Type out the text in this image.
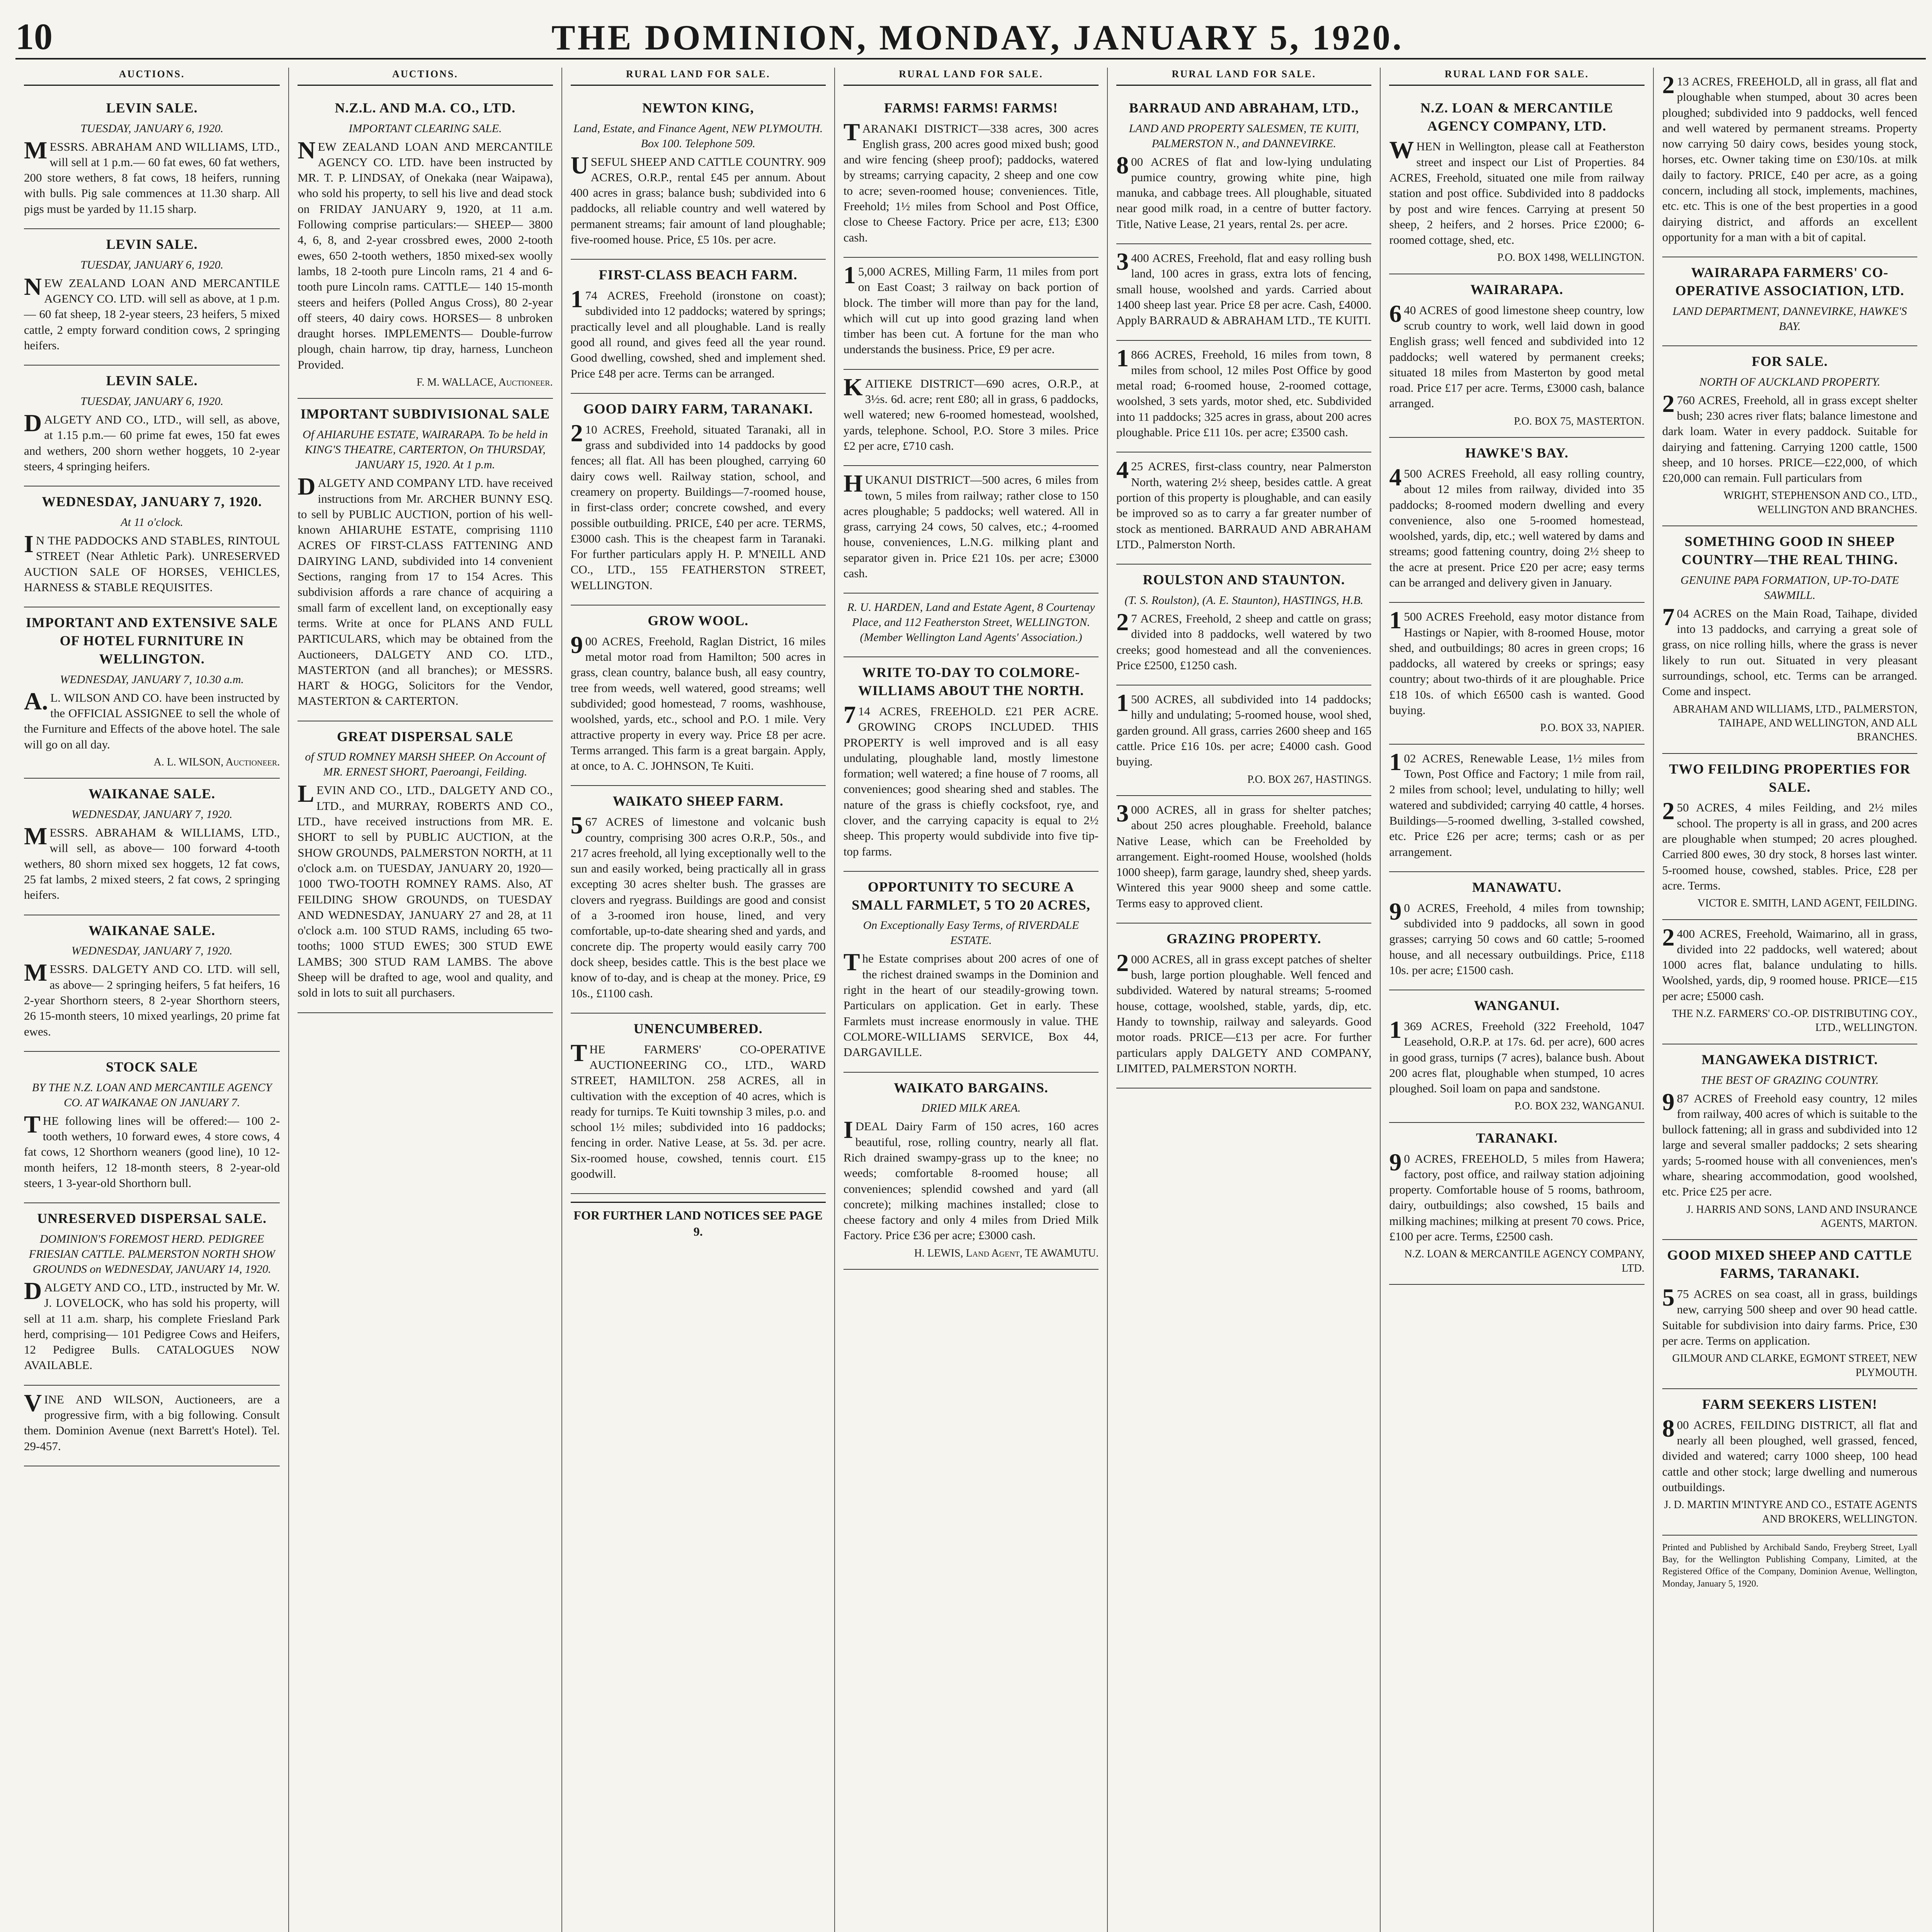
10	THE DOMINION, MONDAY, JANUARY 5, 1920.
AUCTIONS.
LEVIN SALE.
TUESDAY, JANUARY 6, 1920.

MESSRS. ABRAHAM AND WILLIAMS, LTD., will sell at 1 p.m.— 60 fat ewes, 60 fat wethers, 200 store wethers, 8 fat cows, 18 heifers, running with bulls. Pig sale commences at 11.30 sharp. All pigs must be yarded by 11.15 sharp.

LEVIN SALE.
TUESDAY, JANUARY 6, 1920.

NEW ZEALAND LOAN AND MERCANTILE AGENCY CO. LTD. will sell as above, at 1 p.m.— 60 fat sheep, 18 2-year steers, 23 heifers, 5 mixed cattle, 2 empty forward condition cows, 2 springing heifers.

LEVIN SALE.
TUESDAY, JANUARY 6, 1920.

DALGETY AND CO., LTD., will sell, as above, at 1.15 p.m.— 60 prime fat ewes, 150 fat ewes and wethers, 200 shorn wether hoggets, 10 2-year steers, 4 springing heifers.

WEDNESDAY, JANUARY 7, 1920.
At 11 o'clock.

IN THE PADDOCKS AND STABLES, RINTOUL STREET (Near Athletic Park). UNRESERVED AUCTION SALE OF HORSES, VEHICLES, HARNESS & STABLE REQUISITES.

IMPORTANT AND EXTENSIVE SALE OF HOTEL FURNITURE IN WELLINGTON.
WEDNESDAY, JANUARY 7, 10.30 a.m.

A.L. WILSON AND CO. have been instructed by the OFFICIAL ASSIGNEE to sell the whole of the Furniture and Effects of the above hotel. The sale will go on all day.

A. L. WILSON, Auctioneer.
WAIKANAE SALE.
WEDNESDAY, JANUARY 7, 1920.

MESSRS. ABRAHAM & WILLIAMS, LTD., will sell, as above— 100 forward 4-tooth wethers, 80 shorn mixed sex hoggets, 12 fat cows, 25 fat lambs, 2 mixed steers, 2 fat cows, 2 springing heifers.

WAIKANAE SALE.
WEDNESDAY, JANUARY 7, 1920.

MESSRS. DALGETY AND CO. LTD. will sell, as above— 2 springing heifers, 5 fat heifers, 16 2-year Shorthorn steers, 8 2-year Shorthorn steers, 26 15-month steers, 10 mixed yearlings, 20 prime fat ewes.

STOCK SALE
BY THE N.Z. LOAN AND MERCANTILE AGENCY CO. AT WAIKANAE ON JANUARY 7.

THE following lines will be offered:— 100 2-tooth wethers, 10 forward ewes, 4 store cows, 4 fat cows, 12 Shorthorn weaners (good line), 10 12-month heifers, 12 18-month steers, 8 2-year-old steers, 1 3-year-old Shorthorn bull.

UNRESERVED DISPERSAL SALE.
DOMINION'S FOREMOST HERD. PEDIGREE FRIESIAN CATTLE. PALMERSTON NORTH SHOW GROUNDS on WEDNESDAY, JANUARY 14, 1920.

DALGETY AND CO., LTD., instructed by Mr. W. J. LOVELOCK, who has sold his property, will sell at 11 a.m. sharp, his complete Friesland Park herd, comprising— 101 Pedigree Cows and Heifers, 12 Pedigree Bulls. CATALOGUES NOW AVAILABLE.

VINE AND WILSON, Auctioneers, are a progressive firm, with a big following. Consult them. Dominion Avenue (next Barrett's Hotel). Tel. 29-457.

AUCTIONS.
N.Z.L. AND M.A. CO., LTD.
IMPORTANT CLEARING SALE.

NEW ZEALAND LOAN AND MERCANTILE AGENCY CO. LTD. have been instructed by MR. T. P. LINDSAY, of Onekaka (near Waipawa), who sold his property, to sell his live and dead stock on FRIDAY JANUARY 9, 1920, at 11 a.m. Following comprise particulars:— SHEEP— 3800 4, 6, 8, and 2-year crossbred ewes, 2000 2-tooth ewes, 650 2-tooth wethers, 1850 mixed-sex woolly lambs, 18 2-tooth pure Lincoln rams, 21 4 and 6-tooth pure Lincoln rams. CATTLE— 140 15-month steers and heifers (Polled Angus Cross), 80 2-year off steers, 40 dairy cows. HORSES— 8 unbroken draught horses. IMPLEMENTS— Double-furrow plough, chain harrow, tip dray, harness, Luncheon Provided.

F. M. WALLACE, Auctioneer.
IMPORTANT SUBDIVISIONAL SALE
Of AHIARUHE ESTATE, WAIRARAPA. To be held in KING'S THEATRE, CARTERTON, On THURSDAY, JANUARY 15, 1920. At 1 p.m.

DALGETY AND COMPANY LTD. have received instructions from Mr. ARCHER BUNNY ESQ. to sell by PUBLIC AUCTION, portion of his well-known AHIARUHE ESTATE, comprising 1110 ACRES OF FIRST-CLASS FATTENING AND DAIRYING LAND, subdivided into 14 convenient Sections, ranging from 17 to 154 Acres. This subdivision affords a rare chance of acquiring a small farm of excellent land, on exceptionally easy terms. Write at once for PLANS AND FULL PARTICULARS, which may be obtained from the Auctioneers, DALGETY AND CO. LTD., MASTERTON (and all branches); or MESSRS. HART & HOGG, Solicitors for the Vendor, MASTERTON & CARTERTON.

GREAT DISPERSAL SALE
of STUD ROMNEY MARSH SHEEP. On Account of MR. ERNEST SHORT, Paeroangi, Feilding.

LEVIN AND CO., LTD., DALGETY AND CO., LTD., and MURRAY, ROBERTS AND CO., LTD., have received instructions from MR. E. SHORT to sell by PUBLIC AUCTION, at the SHOW GROUNDS, PALMERSTON NORTH, at 11 o'clock a.m. on TUESDAY, JANUARY 20, 1920— 1000 TWO-TOOTH ROMNEY RAMS. Also, AT FEILDING SHOW GROUNDS, on TUESDAY AND WEDNESDAY, JANUARY 27 and 28, at 11 o'clock a.m. 100 STUD RAMS, including 65 two-tooths; 1000 STUD EWES; 300 STUD EWE LAMBS; 300 STUD RAM LAMBS. The above Sheep will be drafted to age, wool and quality, and sold in lots to suit all purchasers.

RURAL LAND FOR SALE.
NEWTON KING,
Land, Estate, and Finance Agent, NEW PLYMOUTH. Box 100. Telephone 509.

USEFUL SHEEP AND CATTLE COUNTRY. 909 ACRES, O.R.P., rental £45 per annum. About 400 acres in grass; balance bush; subdivided into 6 paddocks, all reliable country and well watered by permanent streams; fair amount of land ploughable; five-roomed house. Price, £5 10s. per acre.

FIRST-CLASS BEACH FARM.

174 ACRES, Freehold (ironstone on coast); subdivided into 12 paddocks; watered by springs; practically level and all ploughable. Land is really good all round, and gives feed all the year round. Good dwelling, cowshed, shed and implement shed. Price £48 per acre. Terms can be arranged.

GOOD DAIRY FARM, TARANAKI.

210 ACRES, Freehold, situated Taranaki, all in grass and subdivided into 14 paddocks by good fences; all flat. All has been ploughed, carrying 60 dairy cows well. Railway station, school, and creamery on property. Buildings—7-roomed house, in first-class order; concrete cowshed, and every possible outbuilding. PRICE, £40 per acre. TERMS, £3000 cash. This is the cheapest farm in Taranaki. For further particulars apply H. P. M'NEILL AND CO., LTD., 155 FEATHERSTON STREET, WELLINGTON.

GROW WOOL.

900 ACRES, Freehold, Raglan District, 16 miles metal motor road from Hamilton; 500 acres in grass, clean country, balance bush, all easy country, tree from weeds, well watered, good streams; well subdivided; good homestead, 7 rooms, washhouse, woolshed, yards, etc., school and P.O. 1 mile. Very attractive property in every way. Price £8 per acre. Terms arranged. This farm is a great bargain. Apply, at once, to A. C. JOHNSON, Te Kuiti.

WAIKATO SHEEP FARM.

567 ACRES of limestone and volcanic bush country, comprising 300 acres O.R.P., 50s., and 217 acres freehold, all lying exceptionally well to the sun and easily worked, being practically all in grass excepting 30 acres shelter bush. The grasses are clovers and ryegrass. Buildings are good and consist of a 3-roomed iron house, lined, and very comfortable, up-to-date shearing shed and yards, and concrete dip. The property would easily carry 700 dock sheep, besides cattle. This is the best place we know of to-day, and is cheap at the money. Price, £9 10s., £1100 cash.

UNENCUMBERED.

THE FARMERS' CO-OPERATIVE AUCTIONEERING CO., LTD., WARD STREET, HAMILTON. 258 ACRES, all in cultivation with the exception of 40 acres, which is ready for turnips. Te Kuiti township 3 miles, p.o. and school 1½ miles; subdivided into 16 paddocks; fencing in order. Native Lease, at 5s. 3d. per acre. Six-roomed house, cowshed, tennis court. £15 goodwill.

FOR FURTHER LAND NOTICES SEE PAGE 9.
RURAL LAND FOR SALE.
FARMS! FARMS! FARMS!

TARANAKI DISTRICT—338 acres, 300 acres English grass, 200 acres good mixed bush; good and wire fencing (sheep proof); paddocks, watered by streams; carrying capacity, 2 sheep and one cow to acre; seven-roomed house; conveniences. Title, Freehold; 1½ miles from School and Post Office, close to Cheese Factory. Price per acre, £13; £300 cash.

15,000 ACRES, Milling Farm, 11 miles from port on East Coast; 3 railway on back portion of block. The timber will more than pay for the land, which will cut up into good grazing land when timber has been cut. A fortune for the man who understands the business. Price, £9 per acre.

KAITIEKE DISTRICT—690 acres, O.R.P., at 3½s. 6d. acre; rent £80; all in grass, 6 paddocks, well watered; new 6-roomed homestead, woolshed, yards, telephone. School, P.O. Store 3 miles. Price £2 per acre, £710 cash.

HUKANUI DISTRICT—500 acres, 6 miles from town, 5 miles from railway; rather close to 150 acres ploughable; 5 paddocks; well watered. All in grass, carrying 24 cows, 50 calves, etc.; 4-roomed house, conveniences, L.N.G. milking plant and separator given in. Price £21 10s. per acre; £3000 cash.

R. U. HARDEN, Land and Estate Agent, 8 Courtenay Place, and 112 Featherston Street, WELLINGTON. (Member Wellington Land Agents' Association.)
WRITE TO-DAY TO COLMORE-WILLIAMS ABOUT THE NORTH.

714 ACRES, FREEHOLD. £21 PER ACRE. GROWING CROPS INCLUDED. THIS PROPERTY is well improved and is all easy undulating, ploughable land, mostly limestone formation; well watered; a fine house of 7 rooms, all conveniences; good shearing shed and stables. The nature of the grass is chiefly cocksfoot, rye, and clover, and the carrying capacity is equal to 2½ sheep. This property would subdivide into five tip-top farms.

OPPORTUNITY TO SECURE A SMALL FARMLET, 5 TO 20 ACRES,
On Exceptionally Easy Terms, of RIVERDALE ESTATE.

The Estate comprises about 200 acres of one of the richest drained swamps in the Dominion and right in the heart of our steadily-growing town. Particulars on application. Get in early. These Farmlets must increase enormously in value. THE COLMORE-WILLIAMS SERVICE, Box 44, DARGAVILLE.

WAIKATO BARGAINS.
DRIED MILK AREA.

IDEAL Dairy Farm of 150 acres, 160 acres beautiful, rose, rolling country, nearly all flat. Rich drained swampy-grass up to the knee; no weeds; comfortable 8-roomed house; all conveniences; splendid cowshed and yard (all concrete); milking machines installed; close to cheese factory and only 4 miles from Dried Milk Factory. Price £36 per acre; £3000 cash.

H. LEWIS, Land Agent, TE AWAMUTU.
RURAL LAND FOR SALE.
BARRAUD AND ABRAHAM, LTD.,
LAND AND PROPERTY SALESMEN, TE KUITI, PALMERSTON N., and DANNEVIRKE.

800 ACRES of flat and low-lying undulating pumice country, growing white pine, high manuka, and cabbage trees. All ploughable, situated near good milk road, in a centre of butter factory. Title, Native Lease, 21 years, rental 2s. per acre.

3400 ACRES, Freehold, flat and easy rolling bush land, 100 acres in grass, extra lots of fencing, small house, woolshed and yards. Carried about 1400 sheep last year. Price £8 per acre. Cash, £4000. Apply BARRAUD & ABRAHAM LTD., TE KUITI.

1866 ACRES, Freehold, 16 miles from town, 8 miles from school, 12 miles Post Office by good metal road; 6-roomed house, 2-roomed cottage, woolshed, 3 sets yards, motor shed, etc. Subdivided into 11 paddocks; 325 acres in grass, about 200 acres ploughable. Price £11 10s. per acre; £3500 cash.

425 ACRES, first-class country, near Palmerston North, watering 2½ sheep, besides cattle. A great portion of this property is ploughable, and can easily be improved so as to carry a far greater number of stock as mentioned. BARRAUD AND ABRAHAM LTD., Palmerston North.

ROULSTON AND STAUNTON.
(T. S. Roulston), (A. E. Staunton), HASTINGS, H.B.

27 ACRES, Freehold, 2 sheep and cattle on grass; divided into 8 paddocks, well watered by two creeks; good homestead and all the conveniences. Price £2500, £1250 cash.

1500 ACRES, all subdivided into 14 paddocks; hilly and undulating; 5-roomed house, wool shed, garden ground. All grass, carries 2600 sheep and 165 cattle. Price £16 10s. per acre; £4000 cash. Good buying.

P.O. BOX 267, HASTINGS.

3000 ACRES, all in grass for shelter patches; about 250 acres ploughable. Freehold, balance Native Lease, which can be Freeholded by arrangement. Eight-roomed House, woolshed (holds 1000 sheep), farm garage, laundry shed, sheep yards. Wintered this year 9000 sheep and some cattle. Terms easy to approved client.

GRAZING PROPERTY.

2000 ACRES, all in grass except patches of shelter bush, large portion ploughable. Well fenced and subdivided. Watered by natural streams; 5-roomed house, cottage, woolshed, stable, yards, dip, etc. Handy to township, railway and saleyards. Good motor roads. PRICE—£13 per acre. For further particulars apply DALGETY AND COMPANY, LIMITED, PALMERSTON NORTH.

RURAL LAND FOR SALE.
N.Z. LOAN & MERCANTILE AGENCY COMPANY, LTD.

WHEN in Wellington, please call at Featherston street and inspect our List of Properties. 84 ACRES, Freehold, situated one mile from railway station and post office. Subdivided into 8 paddocks by post and wire fences. Carrying at present 50 sheep, 2 heifers, and 2 horses. Price £2000; 6-roomed cottage, shed, etc.

P.O. BOX 1498, WELLINGTON.
WAIRARAPA.

640 ACRES of good limestone sheep country, low scrub country to work, well laid down in good English grass; well fenced and subdivided into 12 paddocks; well watered by permanent creeks; situated 18 miles from Masterton by good metal road. Price £17 per acre. Terms, £3000 cash, balance arranged.

P.O. BOX 75, MASTERTON.
HAWKE'S BAY.

4500 ACRES Freehold, all easy rolling country, about 12 miles from railway, divided into 35 paddocks; 8-roomed modern dwelling and every convenience, also one 5-roomed homestead, woolshed, yards, dip, etc.; well watered by dams and streams; good fattening country, doing 2½ sheep to the acre at present. Price £20 per acre; easy terms can be arranged and delivery given in January.

1500 ACRES Freehold, easy motor distance from Hastings or Napier, with 8-roomed House, motor shed, and outbuildings; 80 acres in green crops; 16 paddocks, all watered by creeks or springs; easy country; about two-thirds of it are ploughable. Price £18 10s. of which £6500 cash is wanted. Good buying.

P.O. BOX 33, NAPIER.

102 ACRES, Renewable Lease, 1½ miles from Town, Post Office and Factory; 1 mile from rail, 2 miles from school; level, undulating to hilly; well watered and subdivided; carrying 40 cattle, 4 horses. Buildings—5-roomed dwelling, 3-stalled cowshed, etc. Price £26 per acre; terms; cash or as per arrangement.

MANAWATU.

90 ACRES, Freehold, 4 miles from township; subdivided into 9 paddocks, all sown in good grasses; carrying 50 cows and 60 cattle; 5-roomed house, and all necessary outbuildings. Price, £118 10s. per acre; £1500 cash.

WANGANUI.

1369 ACRES, Freehold (322 Freehold, 1047 Leasehold, O.R.P. at 17s. 6d. per acre), 600 acres in good grass, turnips (7 acres), balance bush. About 200 acres flat, ploughable when stumped, 10 acres ploughed. Soil loam on papa and sandstone.

P.O. BOX 232, WANGANUI.
TARANAKI.

90 ACRES, FREEHOLD, 5 miles from Hawera; factory, post office, and railway station adjoining property. Comfortable house of 5 rooms, bathroom, dairy, outbuildings; also cowshed, 15 bails and milking machines; milking at present 70 cows. Price, £100 per acre. Terms, £2500 cash.

N.Z. LOAN & MERCANTILE AGENCY COMPANY, LTD.

213 ACRES, FREEHOLD, all in grass, all flat and ploughable when stumped, about 30 acres been ploughed; subdivided into 9 paddocks, well fenced and well watered by permanent streams. Property now carrying 50 dairy cows, besides young stock, horses, etc. Owner taking time on £30/10s. at milk daily to factory. PRICE, £40 per acre, as a going concern, including all stock, implements, machines, etc. etc. This is one of the best properties in a good dairying district, and affords an excellent opportunity for a man with a bit of capital.

WAIRARAPA FARMERS' CO-OPERATIVE ASSOCIATION, LTD.
LAND DEPARTMENT, DANNEVIRKE, HAWKE'S BAY.
FOR SALE.
NORTH OF AUCKLAND PROPERTY.

2760 ACRES, Freehold, all in grass except shelter bush; 230 acres river flats; balance limestone and dark loam. Water in every paddock. Suitable for dairying and fattening. Carrying 1200 cattle, 1500 sheep, and 10 horses. PRICE—£22,000, of which £20,000 can remain. Full particulars from

WRIGHT, STEPHENSON AND CO., LTD., WELLINGTON AND BRANCHES.
SOMETHING GOOD IN SHEEP COUNTRY—THE REAL THING.
GENUINE PAPA FORMATION, UP-TO-DATE SAWMILL.

704 ACRES on the Main Road, Taihape, divided into 13 paddocks, and carrying a great sole of grass, on nice rolling hills, where the grass is never likely to run out. Situated in very pleasant surroundings, school, etc. Terms can be arranged. Come and inspect.

ABRAHAM AND WILLIAMS, LTD., PALMERSTON, TAIHAPE, AND WELLINGTON, AND ALL BRANCHES.
TWO FEILDING PROPERTIES FOR SALE.

250 ACRES, 4 miles Feilding, and 2½ miles school. The property is all in grass, and 200 acres are ploughable when stumped; 20 acres ploughed. Carried 800 ewes, 30 dry stock, 8 horses last winter. 5-roomed house, cowshed, stables. Price, £28 per acre. Terms.

VICTOR E. SMITH, LAND AGENT, FEILDING.

2400 ACRES, Freehold, Waimarino, all in grass, divided into 22 paddocks, well watered; about 1000 acres flat, balance undulating to hills. Woolshed, yards, dip, 9 roomed house. PRICE—£15 per acre; £5000 cash.

THE N.Z. FARMERS' CO.-OP. DISTRIBUTING COY., LTD., WELLINGTON.
MANGAWEKA DISTRICT.
THE BEST OF GRAZING COUNTRY.

987 ACRES of Freehold easy country, 12 miles from railway, 400 acres of which is suitable to the bullock fattening; all in grass and subdivided into 12 large and several smaller paddocks; 2 sets shearing yards; 5-roomed house with all conveniences, men's whare, shearing accommodation, good woolshed, etc. Price £25 per acre.

J. HARRIS AND SONS, LAND AND INSURANCE AGENTS, MARTON.
GOOD MIXED SHEEP AND CATTLE FARMS, TARANAKI.

575 ACRES on sea coast, all in grass, buildings new, carrying 500 sheep and over 90 head cattle. Suitable for subdivision into dairy farms. Price, £30 per acre. Terms on application.

GILMOUR AND CLARKE, EGMONT STREET, NEW PLYMOUTH.
FARM SEEKERS LISTEN!

800 ACRES, FEILDING DISTRICT, all flat and nearly all been ploughed, well grassed, fenced, divided and watered; carry 1000 sheep, 100 head cattle and other stock; large dwelling and numerous outbuildings.

J. D. MARTIN M'INTYRE AND CO., ESTATE AGENTS AND BROKERS, WELLINGTON.
Printed and Published by Archibald Sando, Freyberg Street, Lyall Bay, for the Wellington Publishing Company, Limited, at the Registered Office of the Company, Dominion Avenue, Wellington, Monday, January 5, 1920.
